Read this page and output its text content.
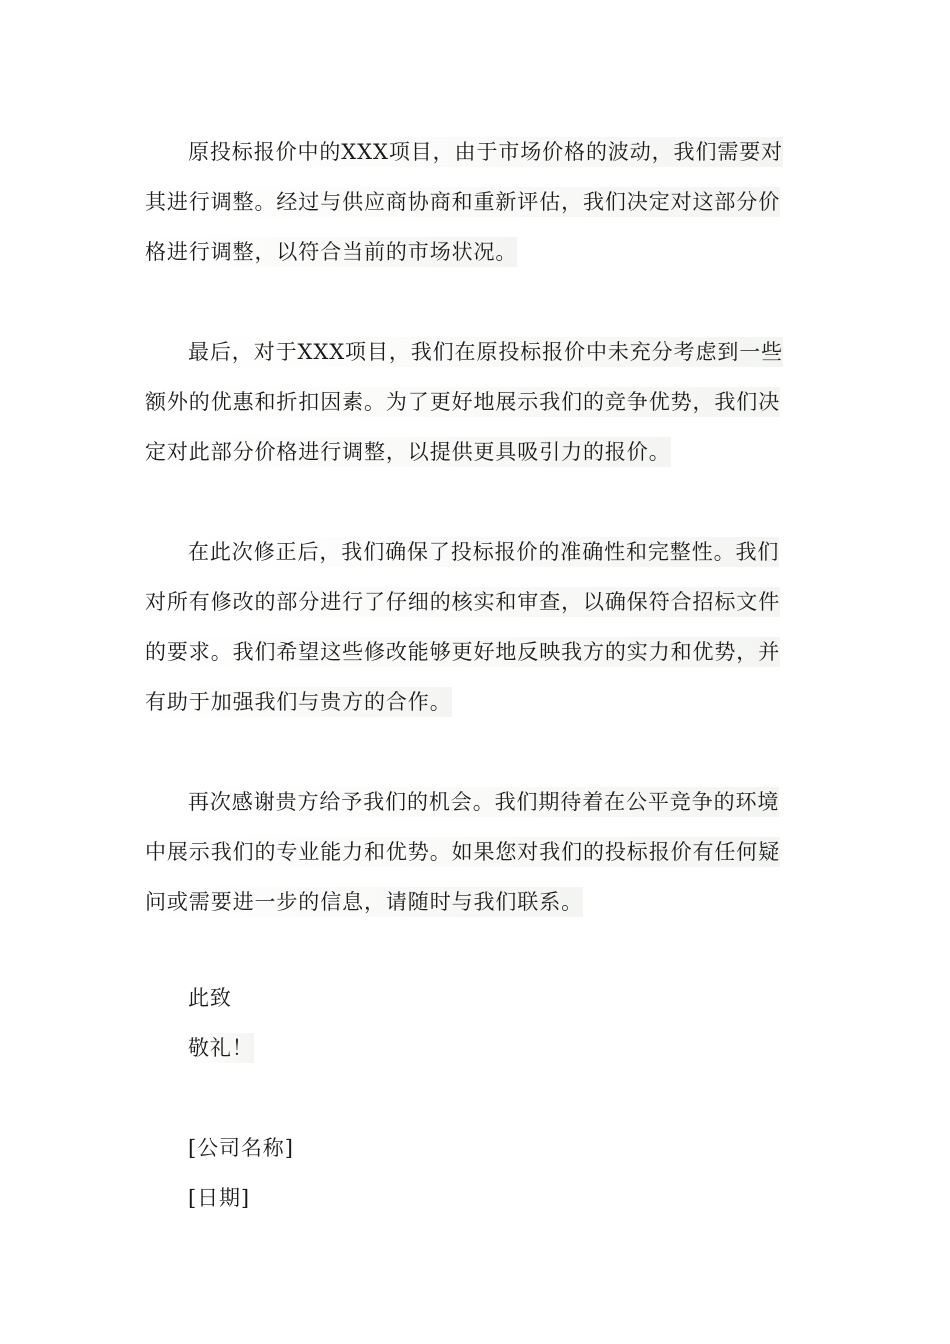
原投标报价中的XXX项目，由于市场价格的波动，我们需要对
其进行调整。经过与供应商协商和重新评估，我们决定对这部分价
格进行调整，以符合当前的市场状况。
最后，对于XXX项目，我们在原投标报价中未充分考虑到一些
额外的优惠和折扣因素。为了更好地展示我们的竞争优势，我们决
定对此部分价格进行调整，以提供更具吸引力的报价。
在此次修正后，我们确保了投标报价的准确性和完整性。我们
对所有修改的部分进行了仔细的核实和审查，以确保符合招标文件
的要求。我们希望这些修改能够更好地反映我方的实力和优势，并
有助于加强我们与贵方的合作。
再次感谢贵方给予我们的机会。我们期待着在公平竞争的环境
中展示我们的专业能力和优势。如果您对我们的投标报价有任何疑
问或需要进一步的信息，请随时与我们联系。
此致
敬礼！
[公司名称]
[日期]
